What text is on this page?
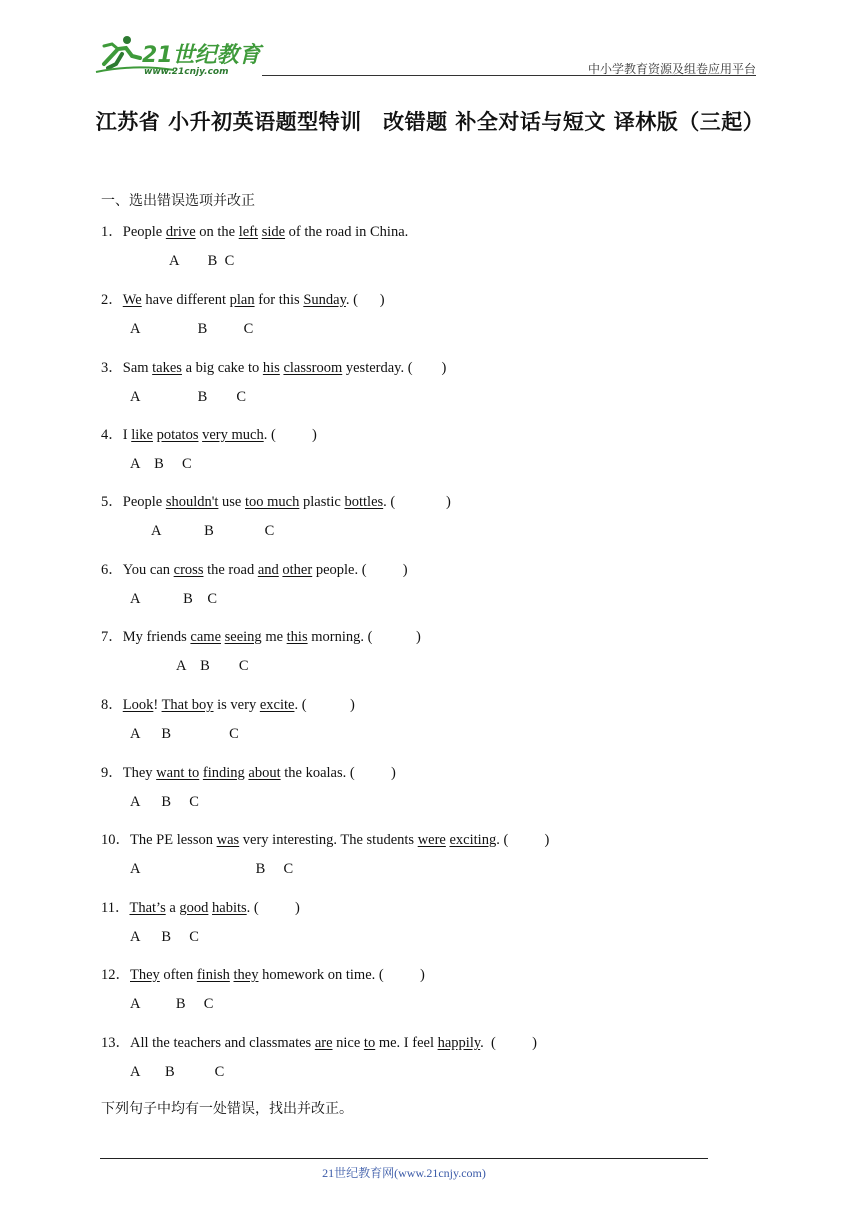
21世纪教育
www.21cnjy.com	中小学教育资源及组卷应用平台
江苏省 小升初英语题型特训　改错题 补全对话与短文 译林版（三起）
一、选出错误选项并改正
1．People drive on the left side of the road in China.
A        B  C
2．We have different plan for this Sunday. (      )
A                B          C
3．Sam takes a big cake to his classroom yesterday. (        )
A                B        C
4．I like potatos very much. (          )
A    B     C
5．People shouldn't use too much plastic bottles. (              )
A            B              C
6．You can cross the road and other people. (          )
A            B    C
7．My friends came seeing me this morning. (            )
A    B        C
8．Look! That boy is very excite. (            )
A      B                C
9．They want to finding about the koalas. (          )
A      B     C
10．The PE lesson was very interesting. The students were exciting. (          )
A                                B     C
11．That’s a good habits. (          )
A      B     C
12．They often finish they homework on time. (          )
A          B     C
13．All the teachers and classmates are nice to me. I feel happily.  (          )
A       B           C
下列句子中均有一处错误，找出并改正。
21世纪教育网(www.21cnjy.com)
